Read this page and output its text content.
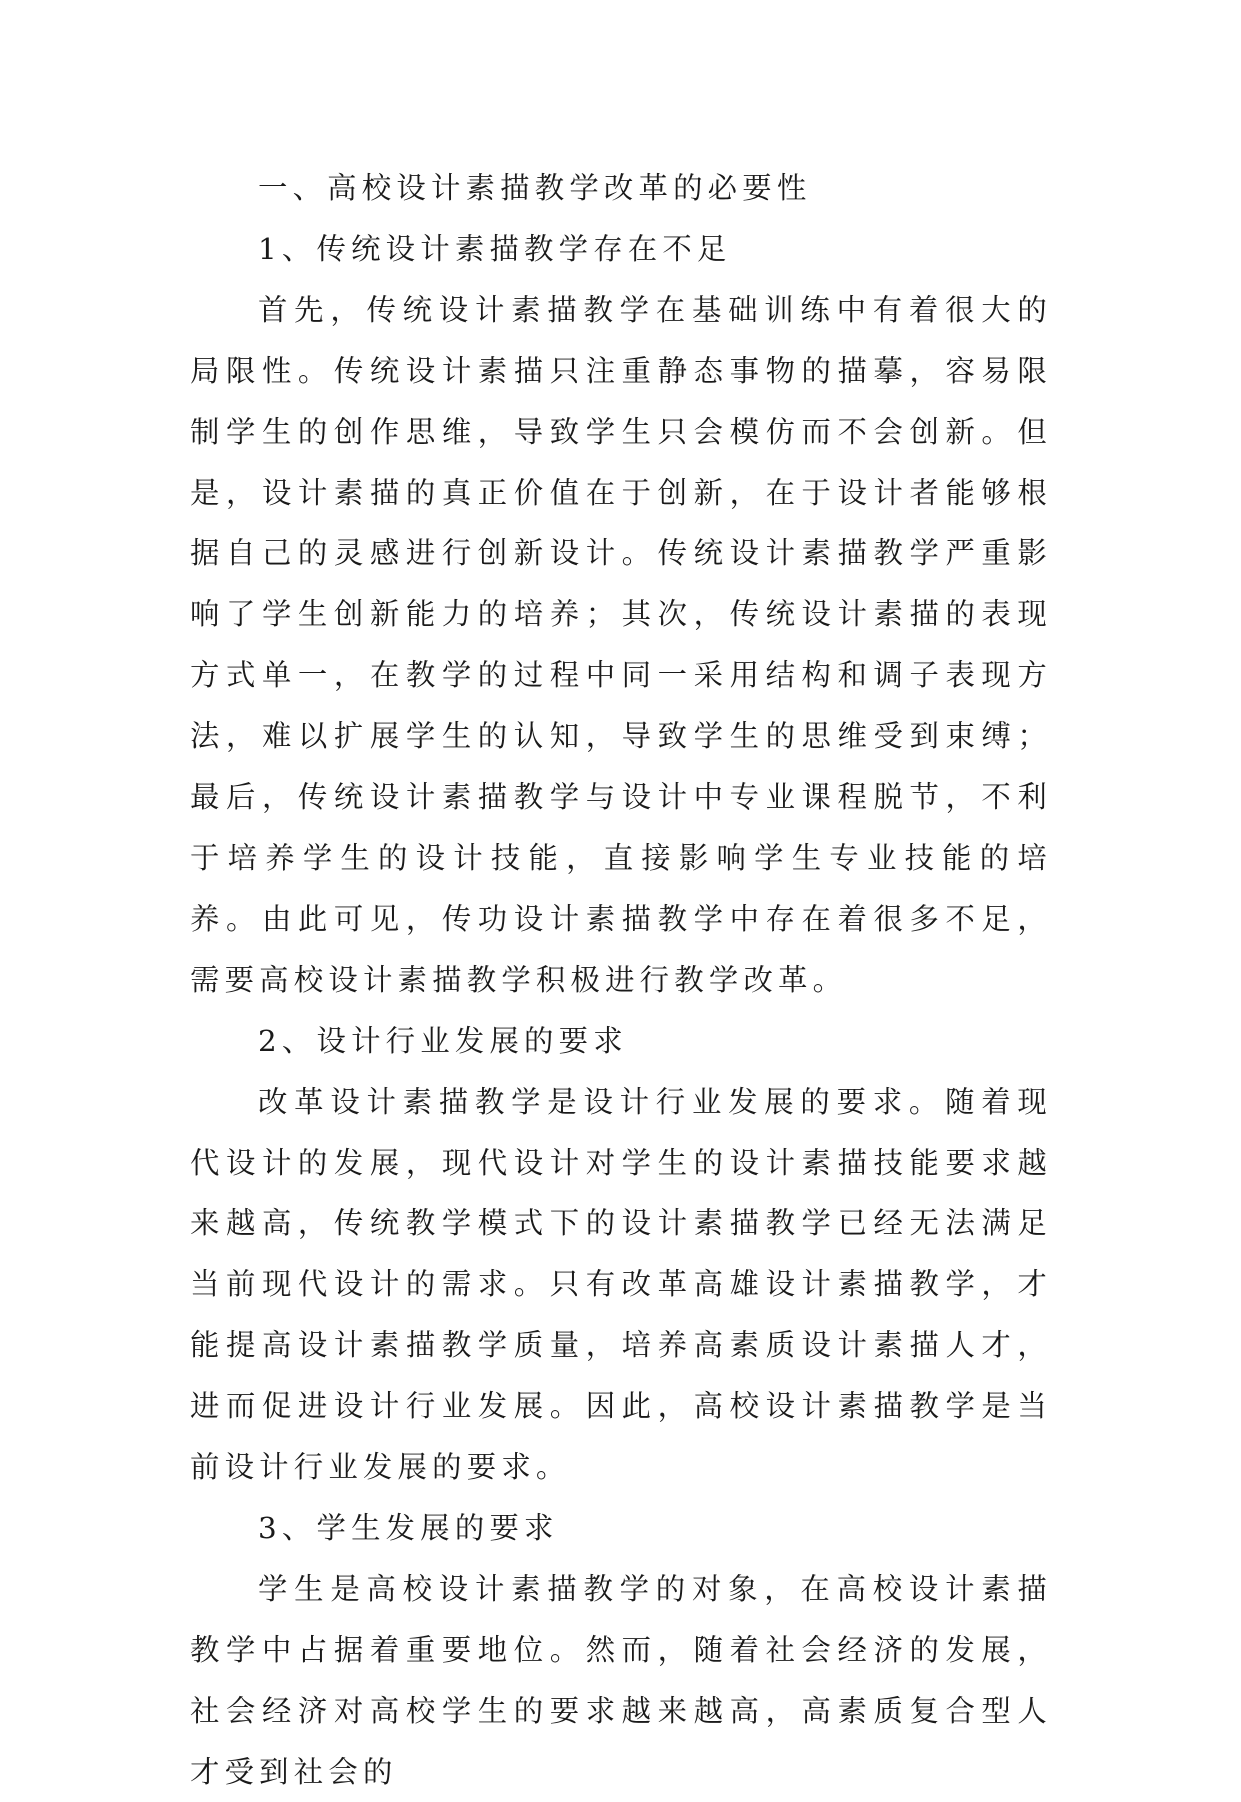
一、高校设计素描教学改革的必要性

1、传统设计素描教学存在不足

首先，传统设计素描教学在基础训练中有着很大的局限性。传统设计素描只注重静态事物的描摹，容易限制学生的创作思维，导致学生只会模仿而不会创新。但是，设计素描的真正价值在于创新，在于设计者能够根据自己的灵感进行创新设计。传统设计素描教学严重影响了学生创新能力的培养；其次，传统设计素描的表现方式单一，在教学的过程中同一采用结构和调子表现方法，难以扩展学生的认知，导致学生的思维受到束缚；最后，传统设计素描教学与设计中专业课程脱节，不利于培养学生的设计技能，直接影响学生专业技能的培养。由此可见，传功设计素描教学中存在着很多不足，需要高校设计素描教学积极进行教学改革。

2、设计行业发展的要求

改革设计素描教学是设计行业发展的要求。随着现代设计的发展，现代设计对学生的设计素描技能要求越来越高，传统教学模式下的设计素描教学已经无法满足当前现代设计的需求。只有改革高雄设计素描教学，才能提高设计素描教学质量，培养高素质设计素描人才，进而促进设计行业发展。因此，高校设计素描教学是当前设计行业发展的要求。

3、学生发展的要求

学生是高校设计素描教学的对象，在高校设计素描教学中占据着重要地位。然而，随着社会经济的发展，社会经济对高校学生的要求越来越高，高素质复合型人才受到社会的
